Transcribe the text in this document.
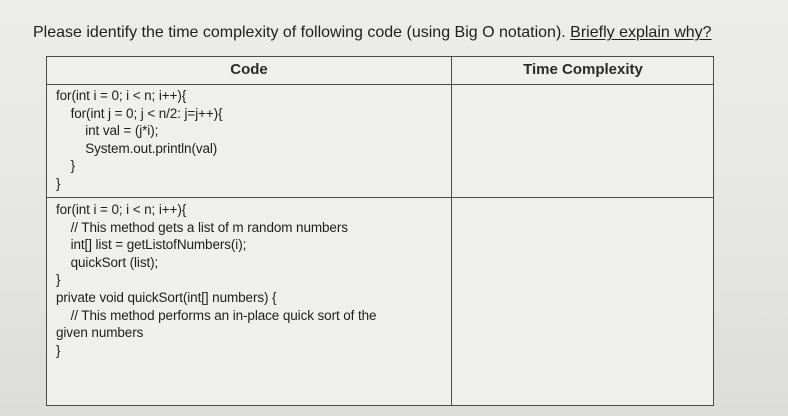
Please identify the time complexity of following code (using Big O notation). Briefly explain why?
Code	Time Complexity
for(int i = 0; i < n; i++){
for(int j = 0; j < n/2: j=j++){
int val = (j*i);
System.out.println(val)
}
}
for(int i = 0; i < n; i++){
// This method gets a list of m random numbers
int[] list = getListofNumbers(i);
quickSort (list);
}
private void quickSort(int[] numbers) {
// This method performs an in-place quick sort of the
given numbers
}
